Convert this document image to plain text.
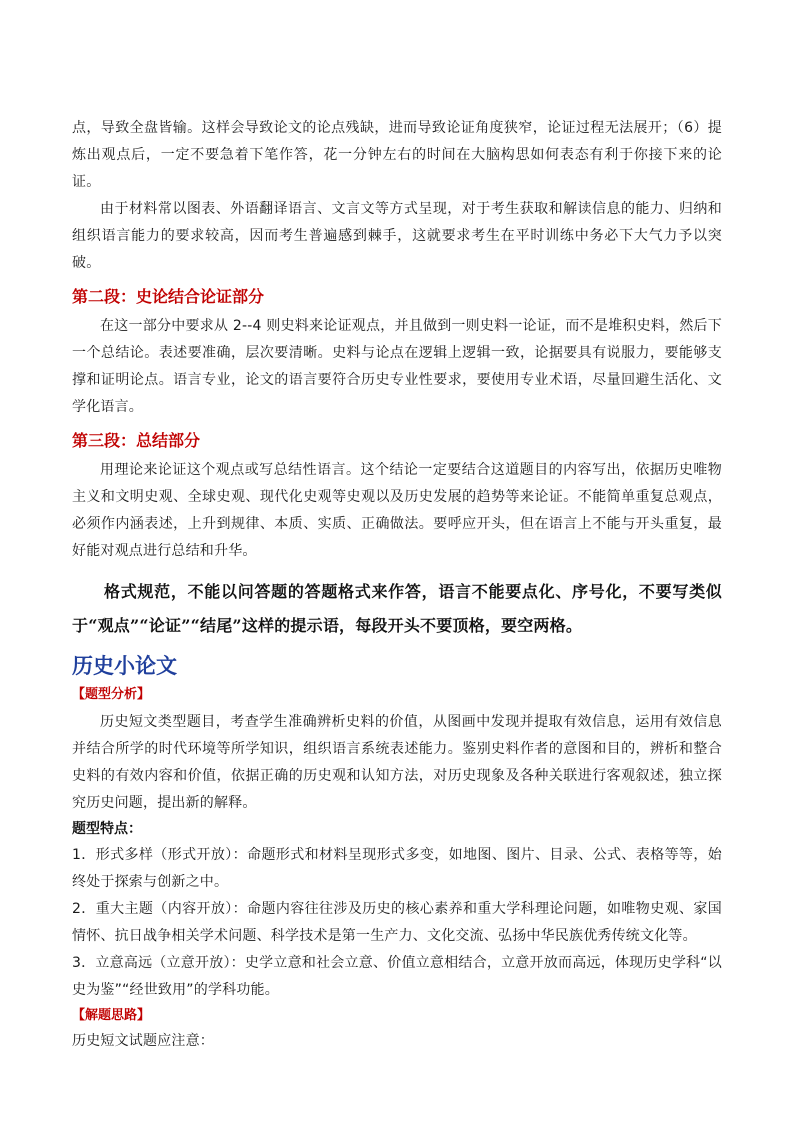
点，导致全盘皆输。这样会导致论文的论点残缺，进而导致论证角度狭窄，论证过程无法展开；（6）提炼出观点后，一定不要急着下笔作答，花一分钟左右的时间在大脑构思如何表态有利于你接下来的论证。

由于材料常以图表、外语翻译语言、文言文等方式呈现，对于考生获取和解读信息的能力、归纳和组织语言能力的要求较高，因而考生普遍感到棘手，这就要求考生在平时训练中务必下大气力予以突破。

第二段：史论结合论证部分

在这一部分中要求从 2--4 则史料来论证观点，并且做到一则史料一论证，而不是堆积史料，然后下一个总结论。表述要准确，层次要清晰。史料与论点在逻辑上逻辑一致，论据要具有说服力，要能够支撑和证明论点。语言专业，论文的语言要符合历史专业性要求，要使用专业术语，尽量回避生活化、文学化语言。

第三段：总结部分

用理论来论证这个观点或写总结性语言。这个结论一定要结合这道题目的内容写出，依据历史唯物主义和文明史观、全球史观、现代化史观等史观以及历史发展的趋势等来论证。不能简单重复总观点，必须作内涵表述，上升到规律、本质、实质、正确做法。要呼应开头，但在语言上不能与开头重复，最好能对观点进行总结和升华。

格式规范，不能以问答题的答题格式来作答，语言不能要点化、序号化，不要写类似于“观点”“论证”“结尾”这样的提示语，每段开头不要顶格，要空两格。

历史小论文
【题型分析】

历史短文类型题目，考查学生准确辨析史料的价值，从图画中发现并提取有效信息，运用有效信息并结合所学的时代环境等所学知识，组织语言系统表述能力。鉴别史料作者的意图和目的，辨析和整合史料的有效内容和价值，依据正确的历史观和认知方法，对历史现象及各种关联进行客观叙述，独立探究历史问题，提出新的解释。

题型特点：

1．形式多样（形式开放）：命题形式和材料呈现形式多变，如地图、图片、目录、公式、表格等等，始终处于探索与创新之中。

2．重大主题（内容开放）：命题内容往往涉及历史的核心素养和重大学科理论问题，如唯物史观、家国情怀、抗日战争相关学术问题、科学技术是第一生产力、文化交流、弘扬中华民族优秀传统文化等。

3．立意高远（立意开放）：史学立意和社会立意、价值立意相结合，立意开放而高远，体现历史学科“以史为鉴”“经世致用”的学科功能。

【解题思路】

历史短文试题应注意：
